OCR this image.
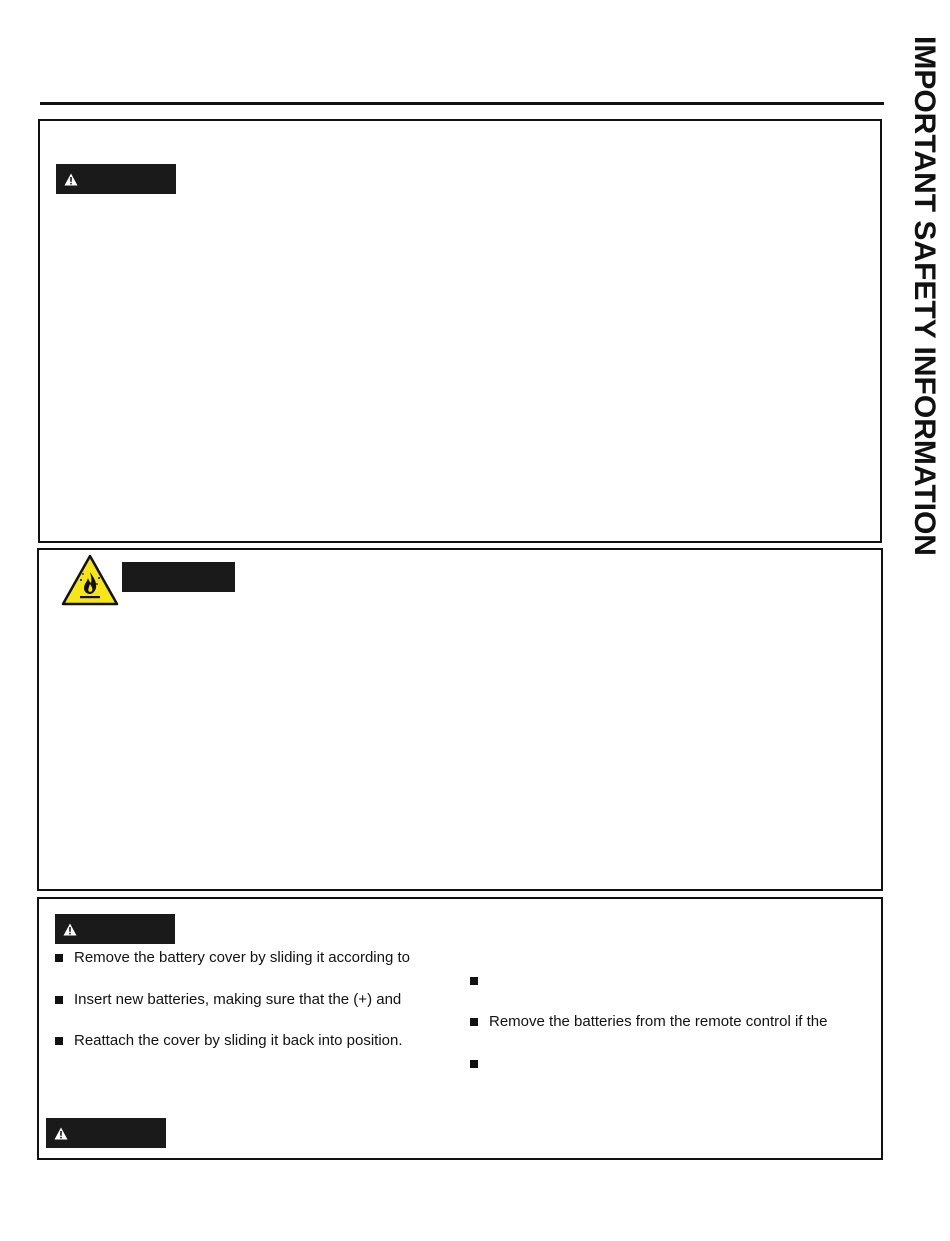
IMPORTANT SAFETY INFORMATION
Remove the battery cover by sliding it according to
Insert new batteries, making sure that the (+) and
Reattach the cover by sliding it back into position.
Remove the batteries from the remote control if the
